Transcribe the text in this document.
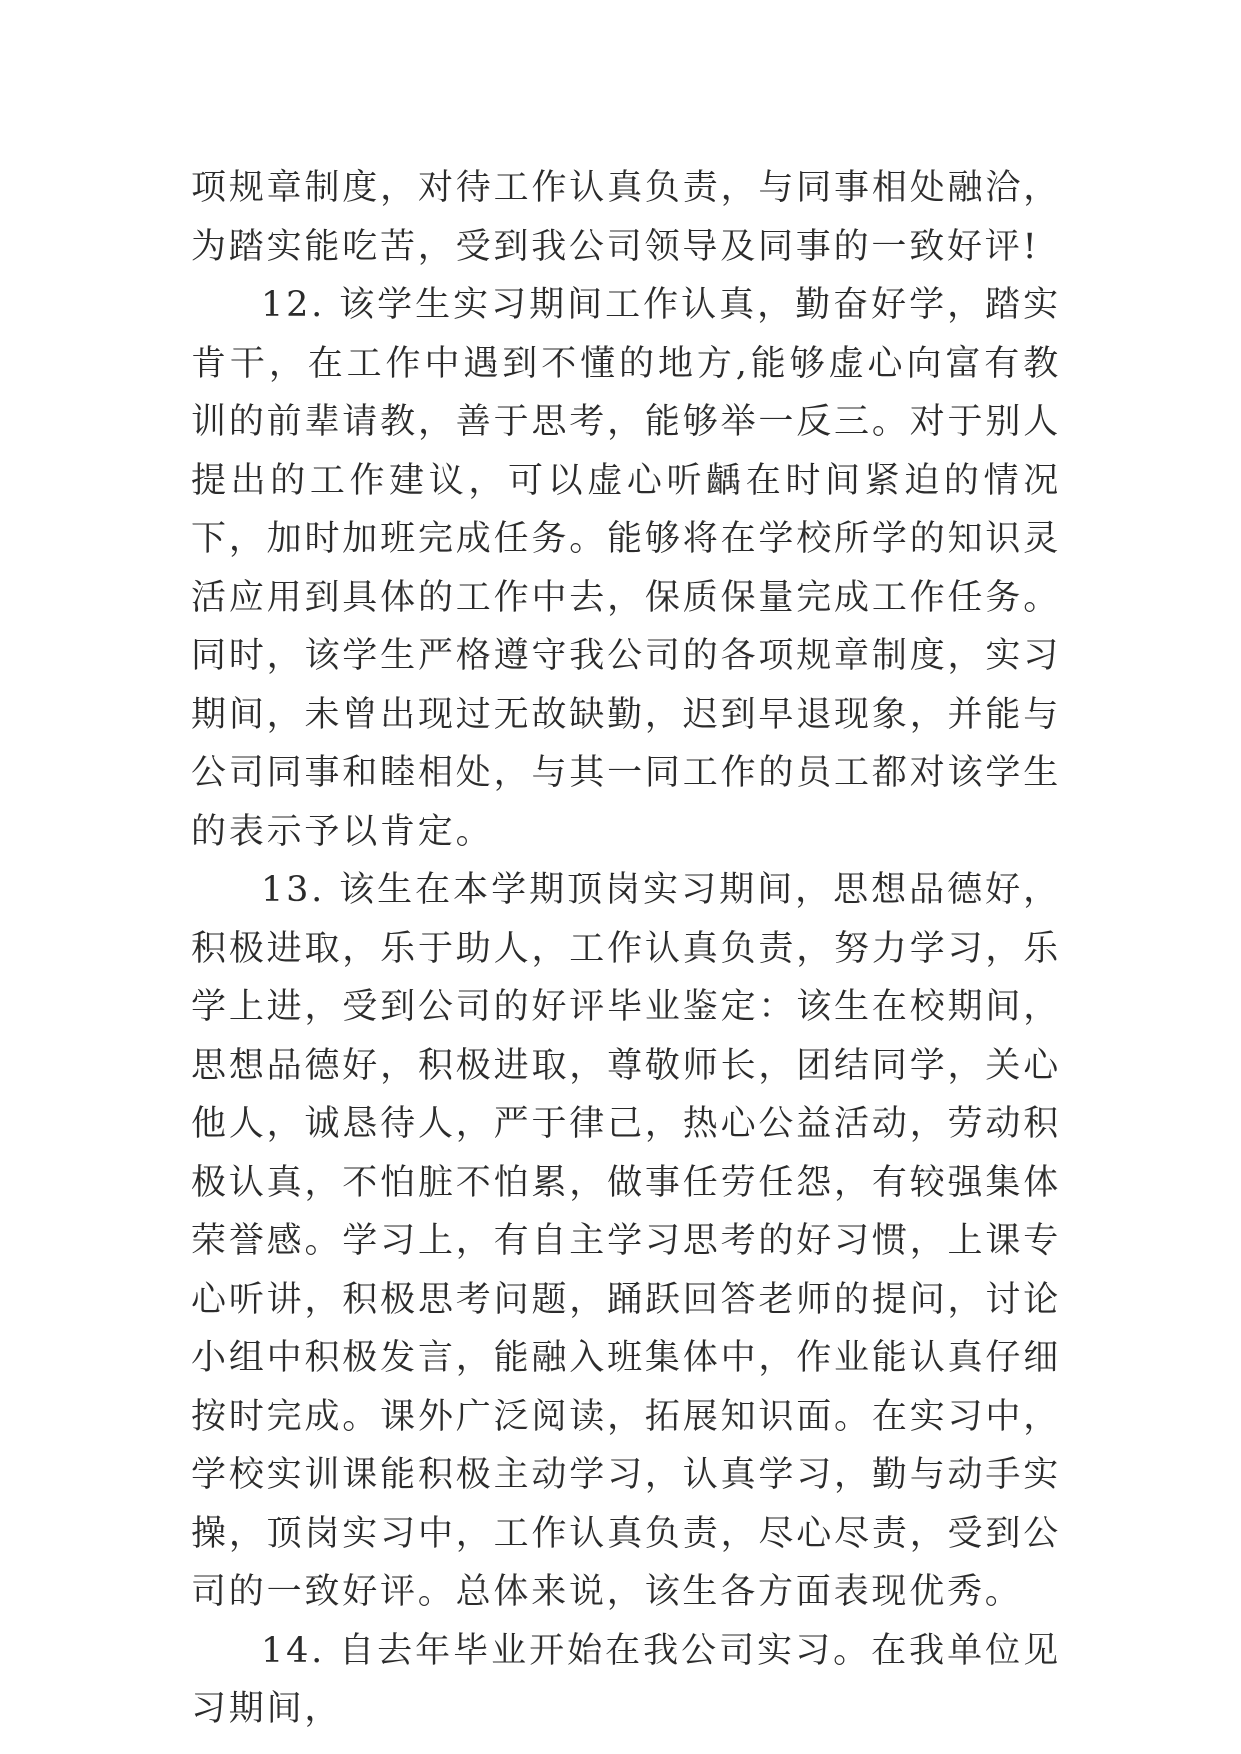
项规章制度，对待工作认真负责，与同事相处融洽，为踏实能吃苦，受到我公司领导及同事的一致好评!

12. 该学生实习期间工作认真，勤奋好学，踏实肯干，在工作中遇到不懂的地方,能够虚心向富有教训的前辈请教，善于思考，能够举一反三。对于别人提出的工作建议，可以虚心听齲在时间紧迫的情况下，加时加班完成任务。能够将在学校所学的知识灵活应用到具体的工作中去，保质保量完成工作任务。同时，该学生严格遵守我公司的各项规章制度，实习期间，未曾出现过无故缺勤，迟到早退现象，并能与公司同事和睦相处，与其一同工作的员工都对该学生的表示予以肯定。

13. 该生在本学期顶岗实习期间，思想品德好，积极进取，乐于助人，工作认真负责，努力学习，乐学上进，受到公司的好评毕业鉴定：该生在校期间，思想品德好，积极进取，尊敬师长，团结同学，关心他人，诚恳待人，严于律己，热心公益活动，劳动积极认真，不怕脏不怕累，做事任劳任怨，有较强集体荣誉感。学习上，有自主学习思考的好习惯，上课专心听讲，积极思考问题，踊跃回答老师的提问，讨论小组中积极发言，能融入班集体中，作业能认真仔细按时完成。课外广泛阅读，拓展知识面。在实习中，学校实训课能积极主动学习，认真学习，勤与动手实操，顶岗实习中，工作认真负责，尽心尽责，受到公司的一致好评。总体来说，该生各方面表现优秀。

14. 自去年毕业开始在我公司实习。在我单位见习期间，
